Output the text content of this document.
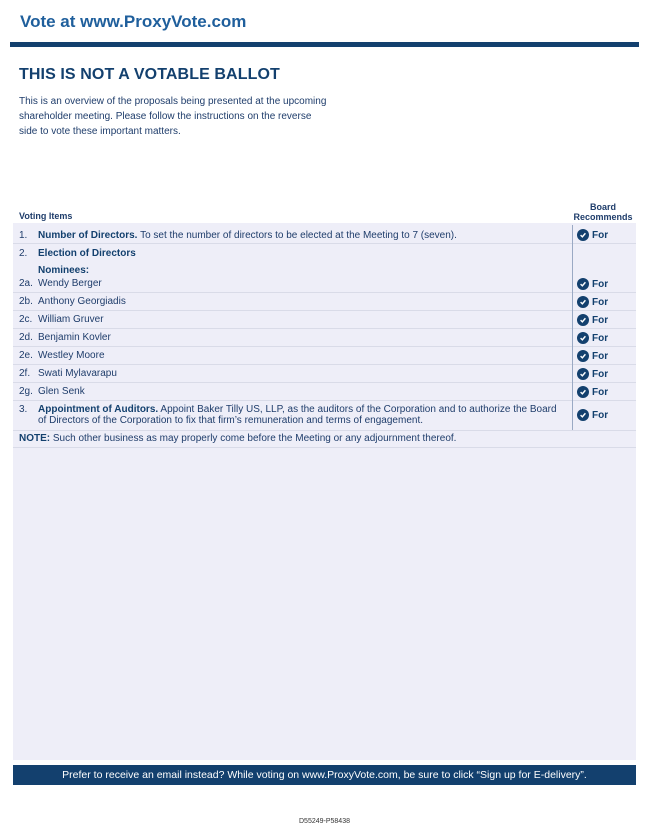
Vote at www.ProxyVote.com
THIS IS NOT A VOTABLE BALLOT
This is an overview of the proposals being presented at the upcoming shareholder meeting. Please follow the instructions on the reverse side to vote these important matters.
Voting Items
Board
Recommends
1. Number of Directors. To set the number of directors to be elected at the Meeting to 7 (seven).	For
2. Election of Directors
Nominees:
2a. Wendy Berger	For
2b. Anthony Georgiadis	For
2c. William Gruver	For
2d. Benjamin Kovler	For
2e. Westley Moore	For
2f. Swati Mylavarapu	For
2g. Glen Senk	For
3. Appointment of Auditors. Appoint Baker Tilly US, LLP, as the auditors of the Corporation and to authorize the Board
of Directors of the Corporation to fix that firm’s remuneration and terms of engagement.	For
NOTE: Such other business as may properly come before the Meeting or any adjournment thereof.
Prefer to receive an email instead? While voting on www.ProxyVote.com, be sure to click “Sign up for E-delivery”.
D55249-P58438
